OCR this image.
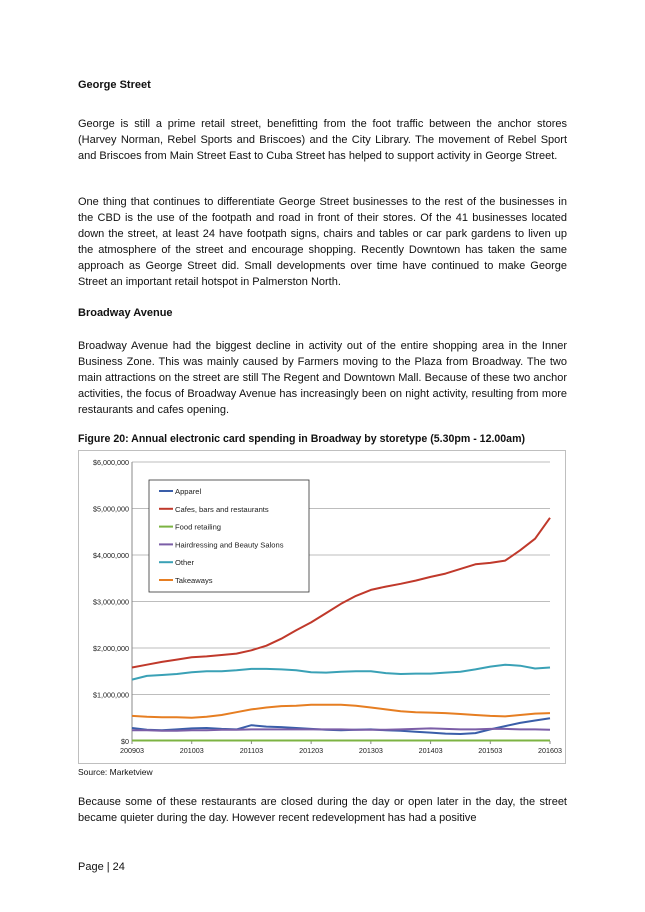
George Street

George is still a prime retail street, benefitting from the foot traffic between the anchor stores (Harvey Norman, Rebel Sports and Briscoes) and the City Library. The movement of Rebel Sport and Briscoes from Main Street East to Cuba Street has helped to support activity in George Street.

One thing that continues to differentiate George Street businesses to the rest of the businesses in the CBD is the use of the footpath and road in front of their stores. Of the 41 businesses located down the street, at least 24 have footpath signs, chairs and tables or car park gardens to liven up the atmosphere of the street and encourage shopping. Recently Downtown has taken the same approach as George Street did. Small developments over time have continued to make George Street an important retail hotspot in Palmerston North.

Broadway Avenue

Broadway Avenue had the biggest decline in activity out of the entire shopping area in the Inner Business Zone. This was mainly caused by Farmers moving to the Plaza from Broadway. The two main attractions on the street are still The Regent and Downtown Mall. Because of these two anchor activities, the focus of Broadway Avenue has increasingly been on night activity, resulting from more restaurants and cafes opening.

Figure 20: Annual electronic card spending in Broadway by storetype (5.30pm - 12.00am)
$0
$1,000,000
$2,000,000
$3,000,000
$4,000,000
$5,000,000
$6,000,000
200903	201003	201103	201203	201303	201403	201503	201603
Apparel
Cafes, bars and restaurants
Food retailing
Hairdressing and Beauty Salons
Other
Takeaways
Source: Marketview

Because some of these restaurants are closed during the day or open later in the day, the street became quieter during the day. However recent redevelopment has had a positive

Page | 24
